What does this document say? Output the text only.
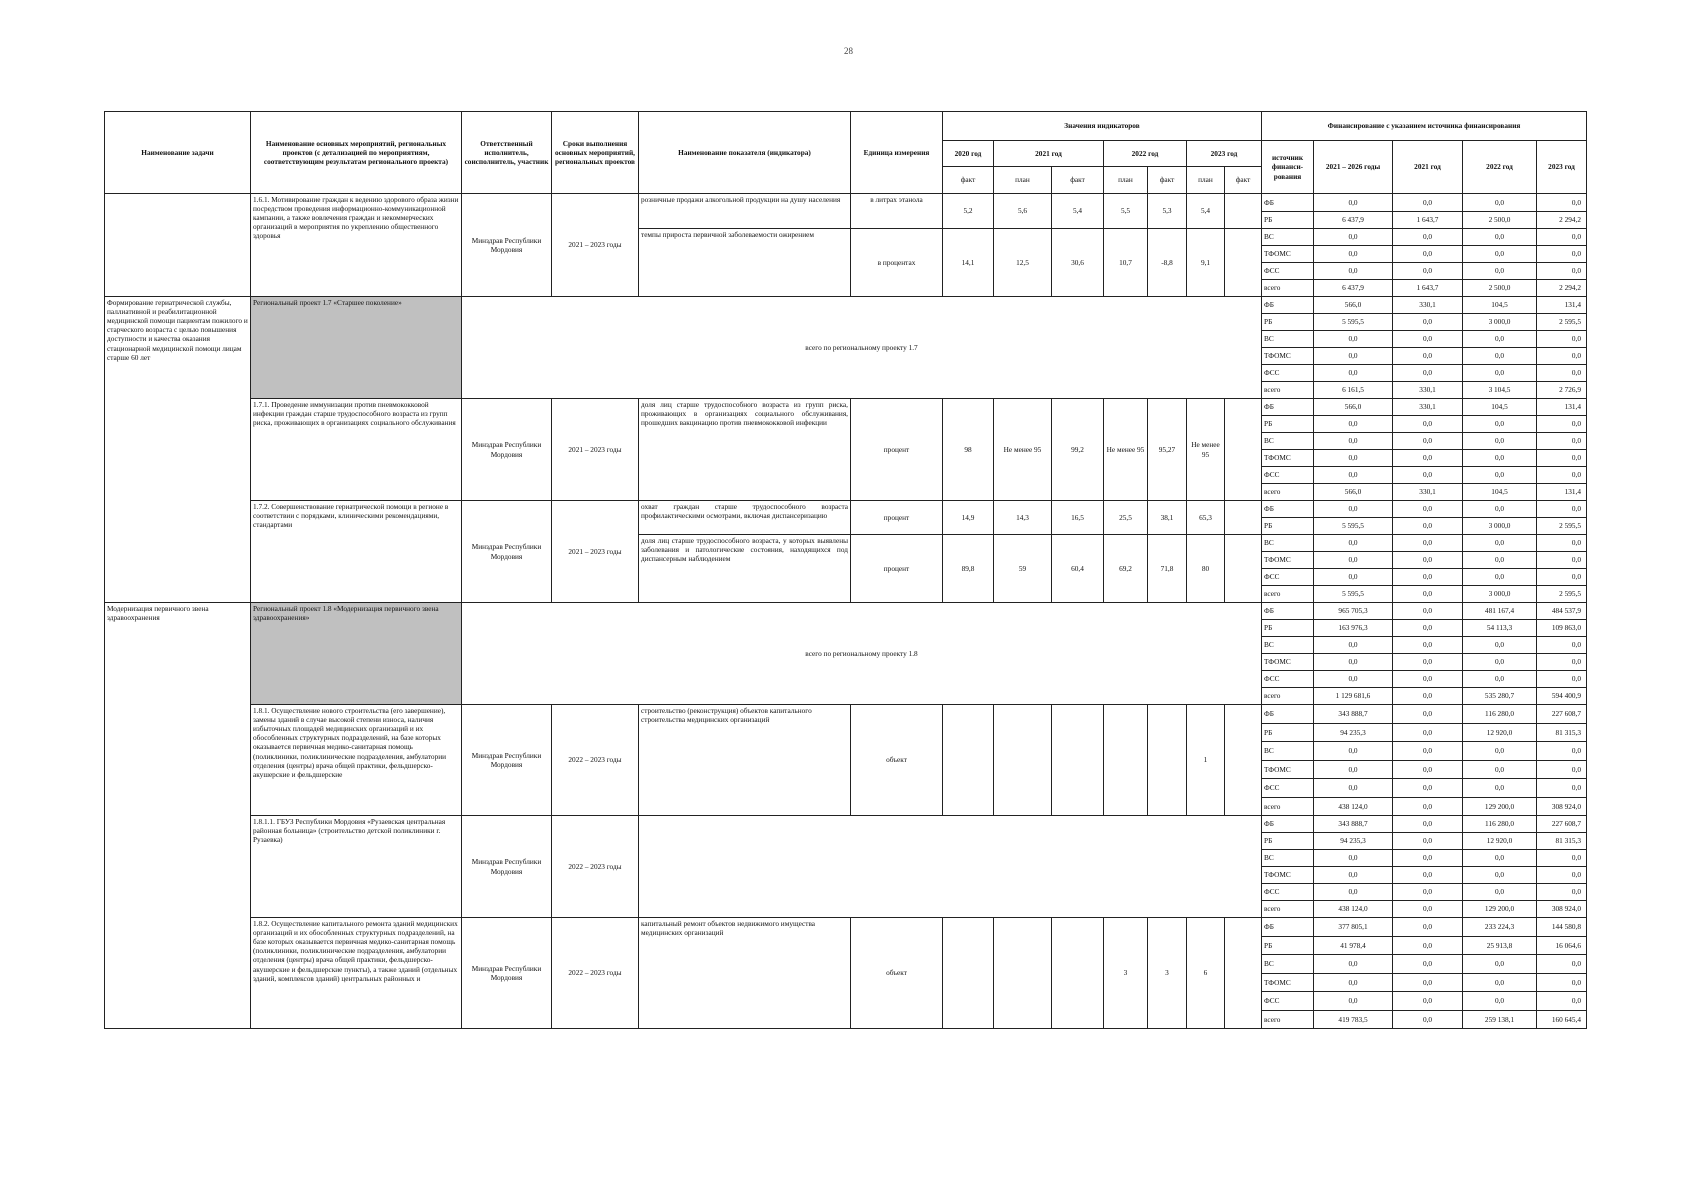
28
Наименование задачи	Наименование основных мероприятий, региональных проектов (с детализацией по мероприятиям, соответствующим результатам регионального проекта)	Ответственный исполнитель, соисполнитель, участник	Сроки выполнения основных мероприятий, региональных проектов	Наименование показателя (индикатора)	Единица измерения	Значения индикаторов							Финансирование с указанием источника финансирования				
						2020 год	2021 год		2022 год		2023 год		источник финанси-рования	2021 – 2026 годы	2021 год	2022 год	2023 год
						факт	план	факт	план	факт	план	факт					
	1.6.1. Мотивирование граждан к ведению здорового образа жизни посредством проведения информационно-коммуникационной кампании, а также вовлечения граждан и некоммерческих организаций в мероприятия по укреплению общественного здоровья	Минздрав Республики Мордовия	2021 – 2023 годы	розничные продажи алкогольной продукции на душу населения	в литрах этанола	5,2	5,6	5,4	5,5	5,3	5,4		ФБ	0,0	0,0	0,0	0,0
													РБ	6 437,9	1 643,7	2 500,0	2 294,2
				темпы прироста первичной заболеваемости ожирением	в процентах	14,1	12,5	30,6	10,7	-8,8	9,1		ВС	0,0	0,0	0,0	0,0
													ТФОМС	0,0	0,0	0,0	0,0
													ФСС	0,0	0,0	0,0	0,0
													всего	6 437,9	1 643,7	2 500,0	2 294,2
Формирование гериатрической службы, паллиативной и реабилитационной медицинской помощи пациентам пожилого и старческого возраста с целью повышения доступности и качества оказания стационарной медицинской помощи лицам старше 60 лет	Региональный проект 1.7 «Старшее поколение»	всего по региональному проекту 1.7											ФБ	566,0	330,1	104,5	131,4
													РБ	5 595,5	0,0	3 000,0	2 595,5
													ВС	0,0	0,0	0,0	0,0
													ТФОМС	0,0	0,0	0,0	0,0
													ФСС	0,0	0,0	0,0	0,0
													всего	6 161,5	330,1	3 104,5	2 726,9
	1.7.1. Проведение иммунизации против пневмококковой инфекции граждан старше трудоспособного возраста из групп риска, проживающих в организациях социального обслуживания	Минздрав Республики Мордовия	2021 – 2023 годы	доля лиц старше трудоспособного возраста из групп риска, проживающих в организациях социального обслуживания, прошедших вакцинацию против пневмококковой инфекции	процент	98	Не менее 95	99,2	Не менее 95	95,27	Не менее 95		ФБ	566,0	330,1	104,5	131,4
													РБ	0,0	0,0	0,0	0,0
													ВС	0,0	0,0	0,0	0,0
													ТФОМС	0,0	0,0	0,0	0,0
													ФСС	0,0	0,0	0,0	0,0
													всего	566,0	330,1	104,5	131,4
	1.7.2. Совершенствование гериатрической помощи в регионе в соответствии с порядками, клиническими рекомендациями, стандартами	Минздрав Республики Мордовия	2021 – 2023 годы	охват граждан старше трудоспособного возраста профилактическими осмотрами, включая диспансеризацию	процент	14,9	14,3	16,5	25,5	38,1	65,3		ФБ	0,0	0,0	0,0	0,0
													РБ	5 595,5	0,0	3 000,0	2 595,5
				доля лиц старше трудоспособного возраста, у которых выявлены заболевания и патологические состояния, находящихся под диспансерным наблюдением	процент	89,8	59	60,4	69,2	71,8	80		ВС	0,0	0,0	0,0	0,0
													ТФОМС	0,0	0,0	0,0	0,0
													ФСС	0,0	0,0	0,0	0,0
													всего	5 595,5	0,0	3 000,0	2 595,5
Модернизация первичного звена здравоохранения	Региональный проект 1.8 «Модернизация первичного звена здравоохранения»	всего по региональному проекту 1.8											ФБ	965 705,3	0,0	481 167,4	484 537,9
													РБ	163 976,3	0,0	54 113,3	109 863,0
													ВС	0,0	0,0	0,0	0,0
													ТФОМС	0,0	0,0	0,0	0,0
													ФСС	0,0	0,0	0,0	0,0
													всего	1 129 681,6	0,0	535 280,7	594 400,9

	1.8.1. Осуществление нового строительства (его завершение), замены зданий в случае высокой степени износа, наличия избыточных площадей медицинских организаций и их обособленных структурных подразделений, на базе которых оказывается первичная медико-санитарная помощь (поликлиники, поликлинические подразделения, амбулатории отделения (центры) врача общей практики, фельдшерско-акушерские и фельдшерские	Минздрав Республики Мордовия	2022 – 2023 годы	строительство (реконструкция) объектов капитального строительства медицинских организаций	объект						1		ФБ	343 888,7	0,0	116 280,0	227 608,7
													РБ	94 235,3	0,0	12 920,0	81 315,3
													ВС	0,0	0,0	0,0	0,0
													ТФОМС	0,0	0,0	0,0	0,0
													ФСС	0,0	0,0	0,0	0,0
													всего	438 124,0	0,0	129 200,0	308 924,0
	1.8.1.1. ГБУЗ Республики Мордовия «Рузаевская центральная районная больница» (строительство детской поликлиники г. Рузаевка)	Минздрав Республики Мордовия	2022 – 2023 годы										ФБ	343 888,7	0,0	116 280,0	227 608,7
													РБ	94 235,3	0,0	12 920,0	81 315,3
													ВС	0,0	0,0	0,0	0,0
													ТФОМС	0,0	0,0	0,0	0,0
													ФСС	0,0	0,0	0,0	0,0
													всего	438 124,0	0,0	129 200,0	308 924,0

	1.8.2. Осуществление капитального ремонта зданий медицинских организаций и их обособленных структурных подразделений, на базе которых оказывается первичная медико-санитарная помощь (поликлиники, поликлинические подразделения, амбулатории отделения (центры) врача общей практики, фельдшерско-акушерские и фельдшерские пункты), а также зданий (отдельных зданий, комплексов зданий) центральных районных и	Минздрав Республики Мордовия	2022 – 2023 годы	капитальный ремонт объектов недвижимого имущества медицинских организаций	объект				3	3	6		ФБ	377 805,1	0,0	233 224,3	144 580,8
													РБ	41 978,4	0,0	25 913,8	16 064,6
													ВС	0,0	0,0	0,0	0,0
													ТФОМС	0,0	0,0	0,0	0,0
													ФСС	0,0	0,0	0,0	0,0
													всего	419 783,5	0,0	259 138,1	160 645,4
